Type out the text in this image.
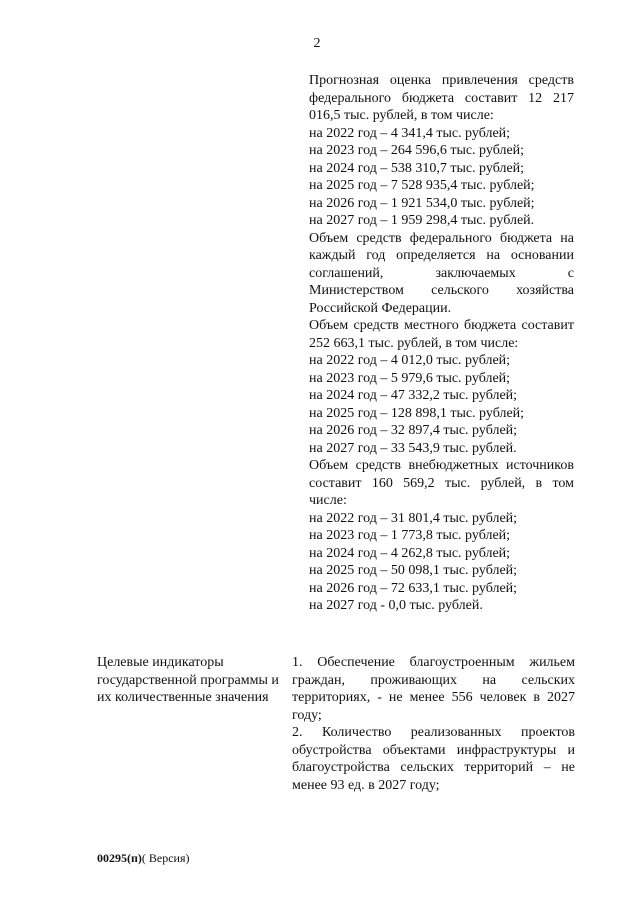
2

Прогнозная оценка привлечения средств федерального бюджета составит 12 217 016,5 тыс. рублей, в том числе:

на 2022 год – 4 341,4 тыс. рублей;

на 2023 год – 264 596,6 тыс. рублей;

на 2024 год – 538 310,7 тыс. рублей;

на 2025 год – 7 528 935,4 тыс. рублей;

на 2026 год – 1 921 534,0 тыс. рублей;

на 2027 год – 1 959 298,4 тыс. рублей.

Объем средств федерального бюджета на каждый год определяется на основании соглашений, заключаемых с Министерством сельского хозяйства Российской Федерации.

Объем средств местного бюджета составит 252 663,1 тыс. рублей, в том числе:

на 2022 год – 4 012,0 тыс. рублей;

на 2023 год – 5 979,6 тыс. рублей;

на 2024 год – 47 332,2 тыс. рублей;

на 2025 год – 128 898,1 тыс. рублей;

на 2026 год – 32 897,4 тыс. рублей;

на 2027 год – 33 543,9 тыс. рублей.

Объем средств внебюджетных источников составит 160 569,2 тыс. рублей, в том числе:

на 2022 год – 31 801,4 тыс. рублей;

на 2023 год – 1 773,8 тыс. рублей;

на 2024 год – 4 262,8 тыс. рублей;

на 2025 год – 50 098,1 тыс. рублей;

на 2026 год – 72 633,1 тыс. рублей;

на 2027 год - 0,0 тыс. рублей.

Целевые индикаторы государственной программы и их количественные значения

1. Обеспечение благоустроенным жильем граждан, проживающих на сельских территориях, - не менее 556 человек в 2027 году;

2. Количество реализованных проектов обустройства объектами инфраструктуры и благоустройства сельских территорий – не менее 93 ед. в 2027 году;

00295(п)( Версия)
